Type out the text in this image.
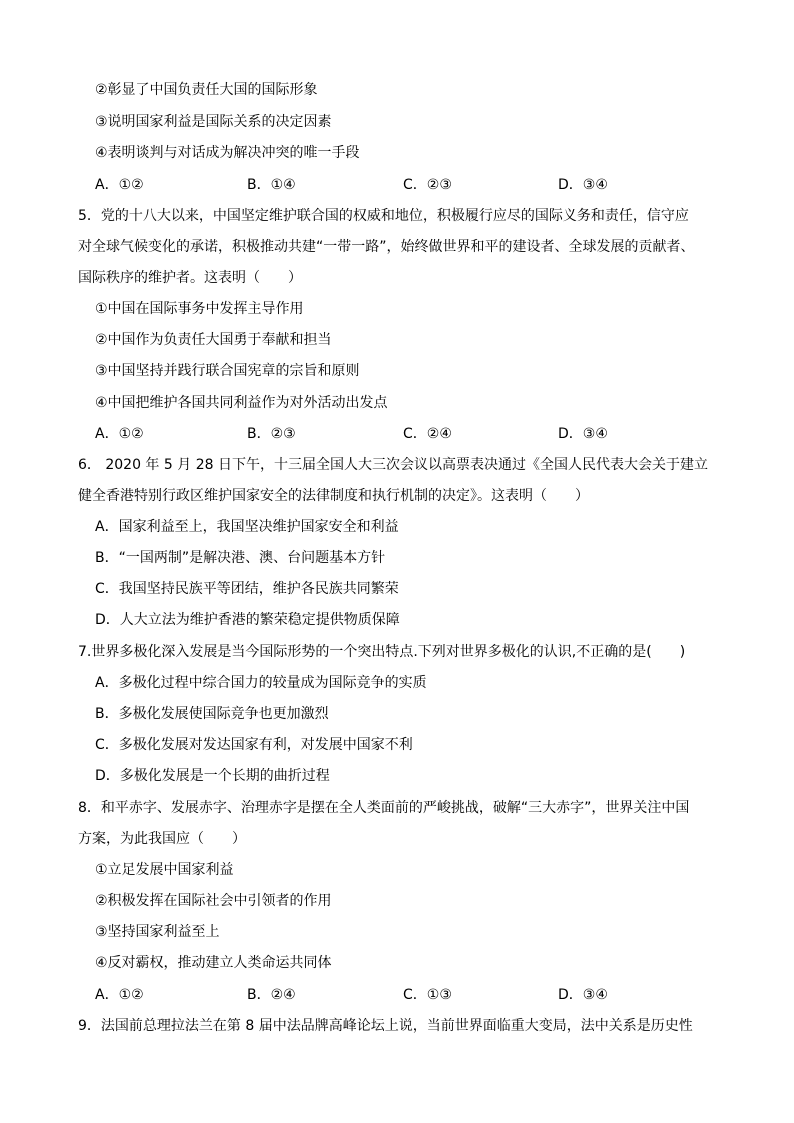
②彰显了中国负责任大国的国际形象
③说明国家利益是国际关系的决定因素
④表明谈判与对话成为解决冲突的唯一手段
A．①②	B．①④	C．②③	D．③④
5．党的十八大以来，中国坚定维护联合国的权威和地位，积极履行应尽的国际义务和责任，信守应
对全球气候变化的承诺，积极推动共建“一带一路”，始终做世界和平的建设者、全球发展的贡献者、
国际秩序的维护者。这表明（　　）
①中国在国际事务中发挥主导作用
②中国作为负责任大国勇于奉献和担当
③中国坚持并践行联合国宪章的宗旨和原则
④中国把维护各国共同利益作为对外活动出发点
A．①②	B．②③	C．②④	D．③④
6． 2020 年 5 月 28 日下午，十三届全国人大三次会议以高票表决通过《全国人民代表大会关于建立
健全香港特别行政区维护国家安全的法律制度和执行机制的决定》。这表明（　　）
A．国家利益至上，我国坚决维护国家安全和利益
B．“一国两制”是解决港、澳、台问题基本方针
C．我国坚持民族平等团结，维护各民族共同繁荣
D．人大立法为维护香港的繁荣稳定提供物质保障
7.世界多极化深入发展是当今国际形势的一个突出特点.下列对世界多极化的认识,不正确的是(　　)
A．多极化过程中综合国力的较量成为国际竞争的实质
B．多极化发展使国际竞争也更加激烈
C．多极化发展对发达国家有利，对发展中国家不利
D．多极化发展是一个长期的曲折过程
8．和平赤字、发展赤字、治理赤字是摆在全人类面前的严峻挑战，破解“三大赤字”，世界关注中国
方案，为此我国应（　　）
①立足发展中国家利益
②积极发挥在国际社会中引领者的作用
③坚持国家利益至上
④反对霸权，推动建立人类命运共同体
A．①②	B．②④	C．①③	D．③④
9．法国前总理拉法兰在第 8 届中法品牌高峰论坛上说，当前世界面临重大变局，法中关系是历史性
